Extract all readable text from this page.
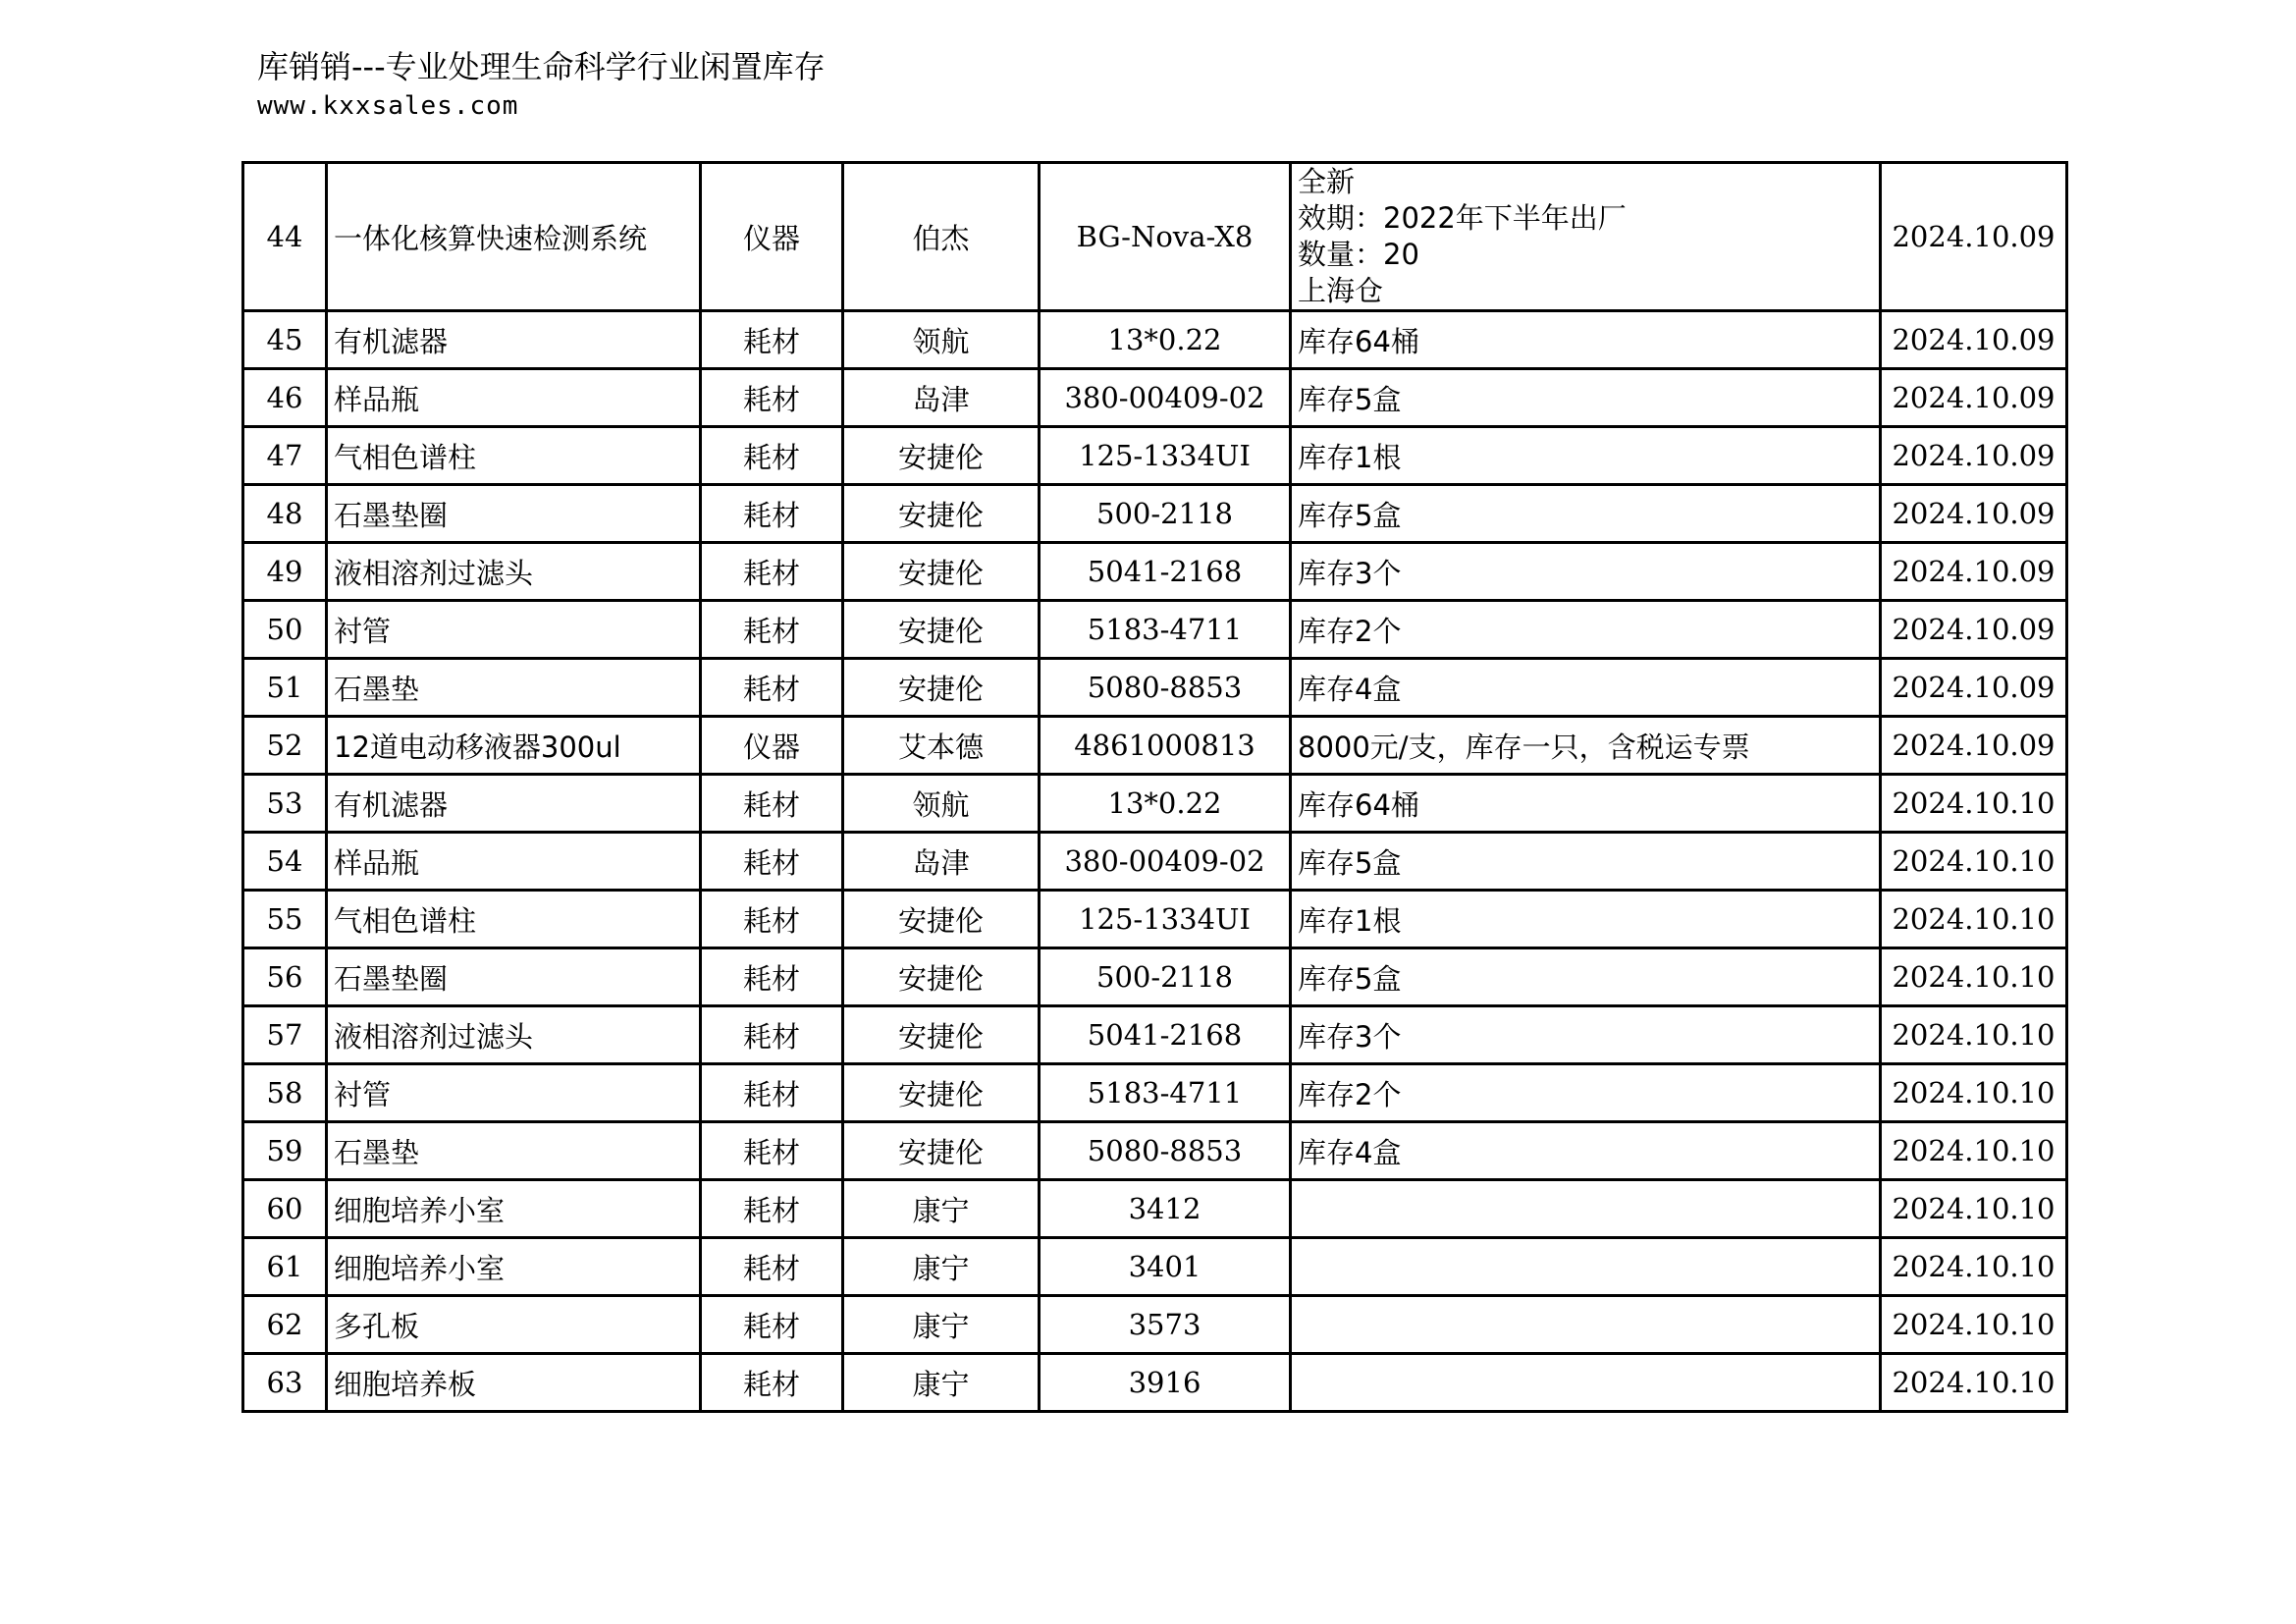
库销销---专业处理生命科学行业闲置库存
www.kxxsales.com
44	一体化核算快速检测系统	仪器	伯杰	BG-Nova-X8	全新
效期：2022年下半年出厂
数量：20
上海仓	2024.10.09
45	有机滤器	耗材	领航	13*0.22	库存64桶	2024.10.09
46	样品瓶	耗材	岛津	380-00409-02	库存5盒	2024.10.09
47	气相色谱柱	耗材	安捷伦	125-1334UI	库存1根	2024.10.09
48	石墨垫圈	耗材	安捷伦	500-2118	库存5盒	2024.10.09
49	液相溶剂过滤头	耗材	安捷伦	5041-2168	库存3个	2024.10.09
50	衬管	耗材	安捷伦	5183-4711	库存2个	2024.10.09
51	石墨垫	耗材	安捷伦	5080-8853	库存4盒	2024.10.09
52	12道电动移液器300ul	仪器	艾本德	4861000813	8000元/支，库存一只，含税运专票	2024.10.09
53	有机滤器	耗材	领航	13*0.22	库存64桶	2024.10.10
54	样品瓶	耗材	岛津	380-00409-02	库存5盒	2024.10.10
55	气相色谱柱	耗材	安捷伦	125-1334UI	库存1根	2024.10.10
56	石墨垫圈	耗材	安捷伦	500-2118	库存5盒	2024.10.10
57	液相溶剂过滤头	耗材	安捷伦	5041-2168	库存3个	2024.10.10
58	衬管	耗材	安捷伦	5183-4711	库存2个	2024.10.10
59	石墨垫	耗材	安捷伦	5080-8853	库存4盒	2024.10.10
60	细胞培养小室	耗材	康宁	3412		2024.10.10
61	细胞培养小室	耗材	康宁	3401		2024.10.10
62	多孔板	耗材	康宁	3573		2024.10.10
63	细胞培养板	耗材	康宁	3916		2024.10.10
